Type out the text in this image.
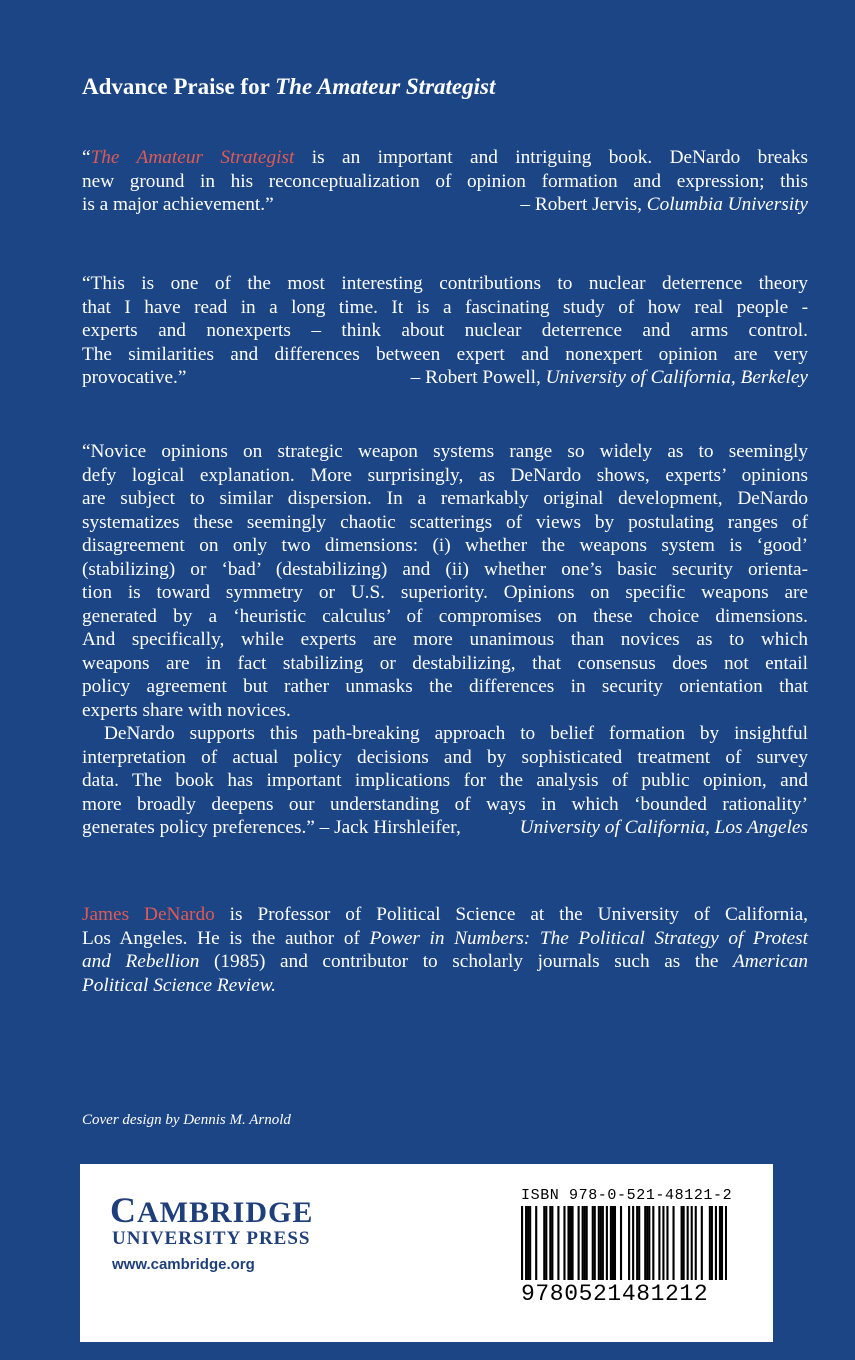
Advance Praise for The Amateur Strategist
“The Amateur Strategist is an important and intriguing book. DeNardo breaks
new ground in his reconceptualization of opinion formation and expression; this
is a major achievement.”	– Robert Jervis, Columbia University
“This is one of the most interesting contributions to nuclear deterrence theory
that I have read in a long time. It is a fascinating study of how real people -
experts and nonexperts – think about nuclear deterrence and arms control.
The similarities and differences between expert and nonexpert opinion are very
provocative.”	– Robert Powell, University of California, Berkeley
“Novice opinions on strategic weapon systems range so widely as to seemingly
defy logical explanation. More surprisingly, as DeNardo shows, experts’ opinions
are subject to similar dispersion. In a remarkably original development, DeNardo
systematizes these seemingly chaotic scatterings of views by postulating ranges of
disagreement on only two dimensions: (i) whether the weapons system is ‘good’
(stabilizing) or ‘bad’ (destabilizing) and (ii) whether one’s basic security orienta-
tion is toward symmetry or U.S. superiority. Opinions on specific weapons are
generated by a ‘heuristic calculus’ of compromises on these choice dimensions.
And specifically, while experts are more unanimous than novices as to which
weapons are in fact stabilizing or destabilizing, that consensus does not entail
policy agreement but rather unmasks the differences in security orientation that
experts share with novices.
DeNardo supports this path-breaking approach to belief formation by insightful
interpretation of actual policy decisions and by sophisticated treatment of survey
data. The book has important implications for the analysis of public opinion, and
more broadly deepens our understanding of ways in which ‘bounded rationality’
generates policy preferences.” – Jack Hirshleifer,	University of California, Los Angeles
James DeNardo is Professor of Political Science at the University of California,
Los Angeles. He is the author of Power in Numbers: The Political Strategy of Protest
and Rebellion (1985) and contributor to scholarly journals such as the American
Political Science Review.
Cover design by Dennis M. Arnold
CAMBRIDGE
UNIVERSITY PRESS
www.cambridge.org
ISBN 978-0-521-48121-2
9780521481212
